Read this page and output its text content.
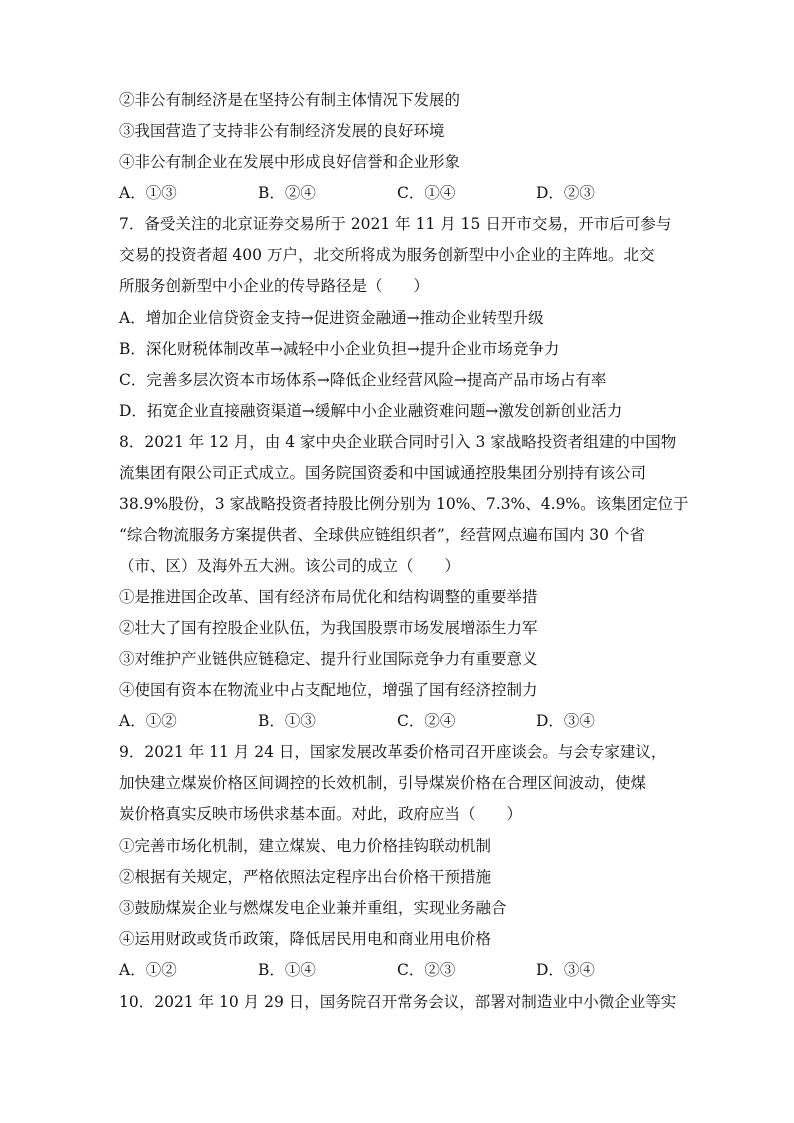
②非公有制经济是在坚持公有制主体情况下发展的
③我国营造了支持非公有制经济发展的良好环境
④非公有制企业在发展中形成良好信誉和企业形象
A．①③	B．②④	C．①④	D．②③
7．备受关注的北京证券交易所于 2021 年 11 月 15 日开市交易，开市后可参与
交易的投资者超 400 万户，北交所将成为服务创新型中小企业的主阵地。北交
所服务创新型中小企业的传导路径是（　　）
A．增加企业信贷资金支持→促进资金融通→推动企业转型升级
B．深化财税体制改革→减轻中小企业负担→提升企业市场竞争力
C．完善多层次资本市场体系→降低企业经营风险→提高产品市场占有率
D．拓宽企业直接融资渠道→缓解中小企业融资难问题→激发创新创业活力
8．2021 年 12 月，由 4 家中央企业联合同时引入 3 家战略投资者组建的中国物
流集团有限公司正式成立。国务院国资委和中国诚通控股集团分别持有该公司
38.9%股份，3 家战略投资者持股比例分别为 10%、7.3%、4.9%。该集团定位于
“综合物流服务方案提供者、全球供应链组织者”，经营网点遍布国内 30 个省
（市、区）及海外五大洲。该公司的成立（　　）
①是推进国企改革、国有经济布局优化和结构调整的重要举措
②壮大了国有控股企业队伍，为我国股票市场发展增添生力军
③对维护产业链供应链稳定、提升行业国际竞争力有重要意义
④使国有资本在物流业中占支配地位，增强了国有经济控制力
A．①②	B．①③	C．②④	D．③④
9．2021 年 11 月 24 日，国家发展改革委价格司召开座谈会。与会专家建议，
加快建立煤炭价格区间调控的长效机制，引导煤炭价格在合理区间波动，使煤
炭价格真实反映市场供求基本面。对此，政府应当（　　）
①完善市场化机制，建立煤炭、电力价格挂钩联动机制
②根据有关规定，严格依照法定程序出台价格干预措施
③鼓励煤炭企业与燃煤发电企业兼并重组，实现业务融合
④运用财政或货币政策，降低居民用电和商业用电价格
A．①②	B．①④	C．②③	D．③④
10．2021 年 10 月 29 日，国务院召开常务会议，部署对制造业中小微企业等实
